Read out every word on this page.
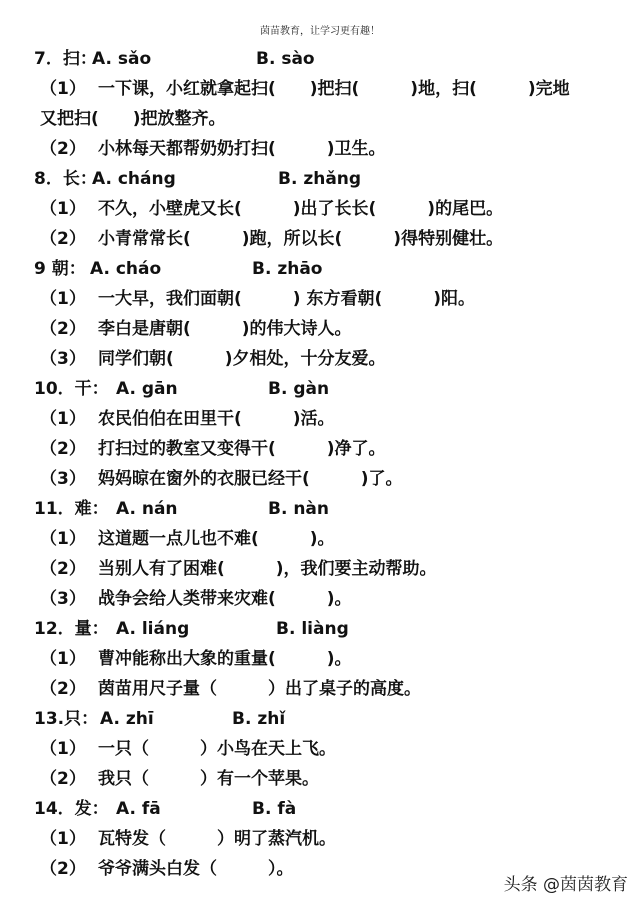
茵苗教育，让学习更有趣！
7．扫：
A. sǎo	B. sào
（1） 一下课，小红就拿起扫(　　)把扫(　　　)地，扫(　　　)完地
又把扫(　　)把放整齐。
（2） 小林每天都帮奶奶打扫(　　　)卫生。
8．长：
A. cháng	B. zhǎng
（1） 不久，小壁虎又长(　　　)出了长长(　　　)的尾巴。
（2） 小青常常长(　　　)跑，所以长(　　　)得特别健壮。
9 朝： A. cháo	B. zhāo
（1） 一大早，我们面朝(　　　) 东方看朝(　　　)阳。
（2） 李白是唐朝(　　　)的伟大诗人。
（3） 同学们朝(　　　)夕相处，十分友爱。
10．干： A. gān	B. gàn
（1） 农民伯伯在田里干(　　　)活。
（2） 打扫过的教室又变得干(　　　)净了。
（3） 妈妈晾在窗外的衣服已经干(　　　)了。
11．难： A. nán	B. nàn
（1） 这道题一点儿也不难(　　　)。
（2） 当别人有了困难(　　　)，我们要主动帮助。
（3） 战争会给人类带来灾难(　　　)。
12．量： A. liáng	B. liàng
（1） 曹冲能称出大象的重量(　　　)。
（2） 茵苗用尺子量（　　　）出了桌子的高度。
13.只： A. zhī	B. zhǐ
（1） 一只（　　　）小鸟在天上飞。
（2） 我只（　　　）有一个苹果。
14．发： A. fā	B. fà
（1） 瓦特发（　　　）明了蒸汽机。
（2） 爷爷满头白发（　　　）。
头条 @茵茵教育
